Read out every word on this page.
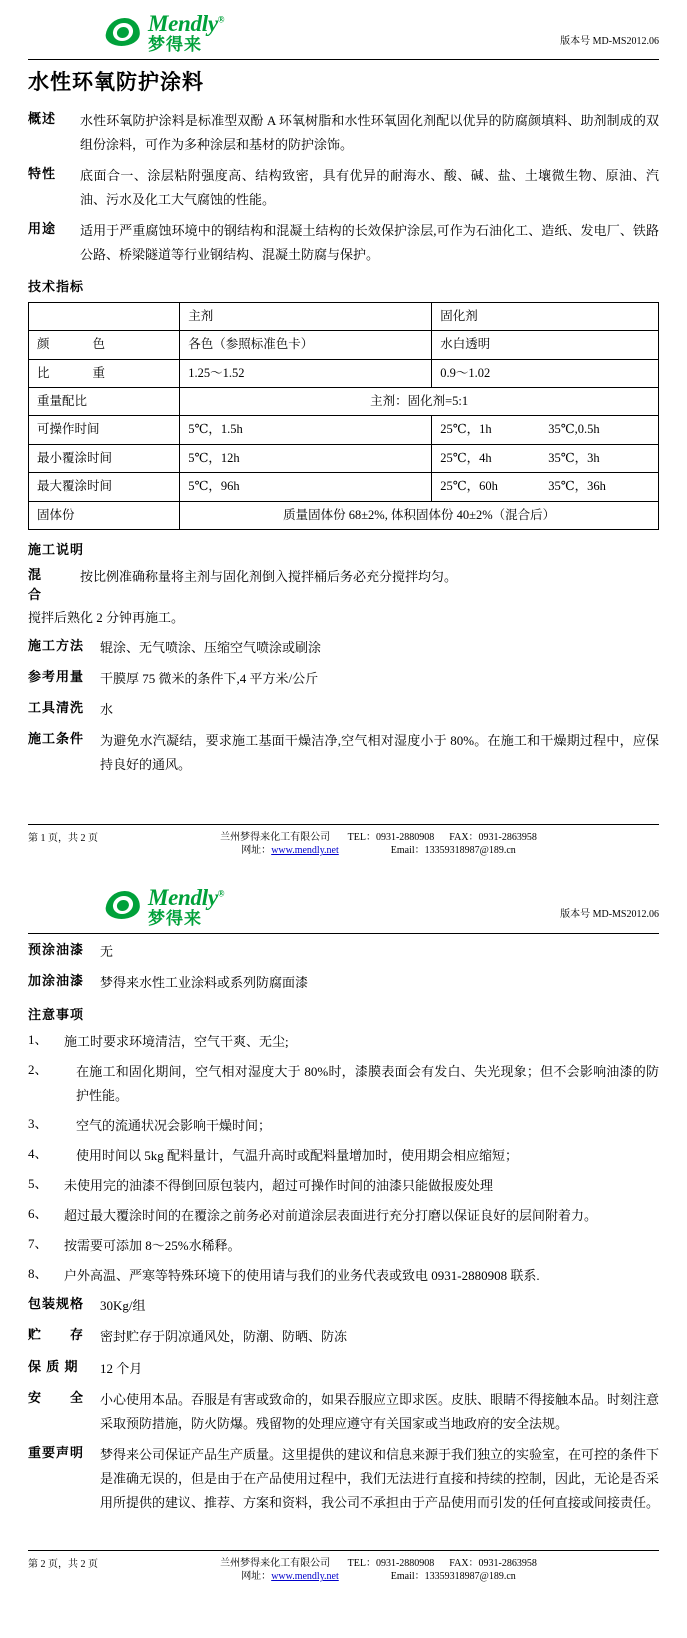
Mendly®
梦得来	版本号 MD-MS2012.06
水性环氧防护涂料
概述	水性环氧防护涂料是标准型双酚 A 环氧树脂和水性环氧固化剂配以优异的防腐颜填料、助剂制成的双组份涂料，可作为多种涂层和基材的防护涂饰。
特性	底面合一、涂层粘附强度高、结构致密，具有优异的耐海水、酸、碱、盐、土壤微生物、原油、汽油、污水及化工大气腐蚀的性能。
用途	适用于严重腐蚀环境中的钢结构和混凝土结构的长效保护涂层,可作为石油化工、造纸、发电厂、铁路公路、桥梁隧道等行业钢结构、混凝土防腐与保护。
技术指标
	主剂	固化剂
颜　　色	各色（参照标准色卡）	水白透明
比　　重	1.25～1.52	0.9～1.02
重量配比	主剂：固化剂=5:1	
可操作时间	5℃，1.5h	25℃，1h 35℃,0.5h
最小覆涂时间	5℃，12h	25℃，4h 35℃，3h
最大覆涂时间	5℃，96h	25℃，60h 35℃，36h
固体份	质量固体份 68±2%, 体积固体份 40±2%（混合后）	
施工说明
混　　合
按比例准确称量将主剂与固化剂倒入搅拌桶后务必充分搅拌均匀。
搅拌后熟化 2 分钟再施工。
施工方法	辊涂、无气喷涂、压缩空气喷涂或刷涂
参考用量	干膜厚 75 微米的条件下,4 平方米/公斤
工具清洗	水
施工条件	为避免水汽凝结，要求施工基面干燥洁净,空气相对湿度小于 80%。在施工和干燥期过程中，应保持良好的通风。
第 1 页，共 2 页	兰州梦得来化工有限公司 TEL：0931-2880908 FAX：0931-2863958
网址：www.mendly.net	Email：13359318987@189.cn
Mendly®
梦得来	版本号 MD-MS2012.06
预涂油漆	无
加涂油漆	梦得来水性工业涂料或系列防腐面漆
注意事项
1、	施工时要求环境清洁，空气干爽、无尘;
2、	在施工和固化期间，空气相对湿度大于 80%时，漆膜表面会有发白、失光现象；但不会影响油漆的防护性能。
3、	空气的流通状况会影响干燥时间；
4、	使用时间以 5kg 配料量计，气温升高时或配料量增加时，使用期会相应缩短；
5、	未使用完的油漆不得倒回原包装内，超过可操作时间的油漆只能做报废处理
6、	超过最大覆涂时间的在覆涂之前务必对前道涂层表面进行充分打磨以保证良好的层间附着力。
7、	按需要可添加 8～25%水稀释。
8、	户外高温、严寒等特殊环境下的使用请与我们的业务代表或致电 0931-2880908 联系.
包装规格	30Kg/组
贮　　存	密封贮存于阴凉通风处，防潮、防晒、防冻
保 质 期	12 个月
安　　全	小心使用本品。吞服是有害或致命的，如果吞服应立即求医。皮肤、眼睛不得接触本品。时刻注意采取预防措施，防火防爆。残留物的处理应遵守有关国家或当地政府的安全法规。
重要声明	梦得来公司保证产品生产质量。这里提供的建议和信息来源于我们独立的实验室，在可控的条件下是准确无误的，但是由于在产品使用过程中，我们无法进行直接和持续的控制，因此，无论是否采用所提供的建议、推荐、方案和资料，我公司不承担由于产品使用而引发的任何直接或间接责任。
第 2 页，共 2 页	兰州梦得来化工有限公司 TEL：0931-2880908 FAX：0931-2863958
网址：www.mendly.net	Email：13359318987@189.cn
